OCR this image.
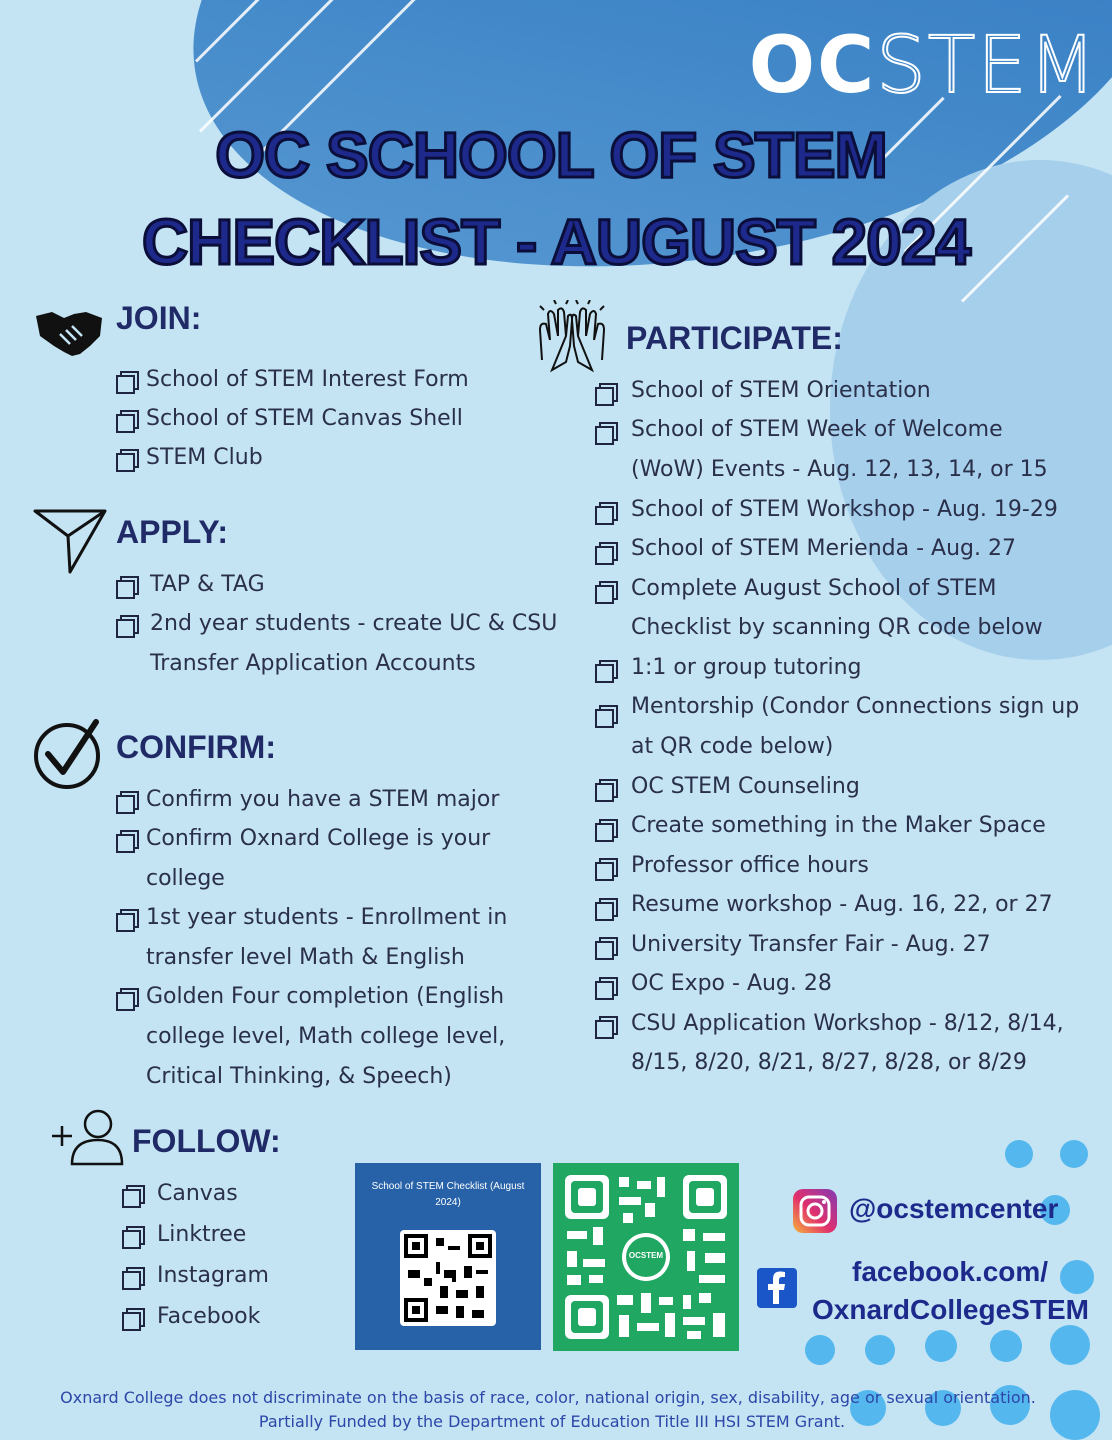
OCSTEM
OC SCHOOL OF STEM
CHECKLIST - AUGUST 2024
JOIN:
School of STEM Interest Form
School of STEM Canvas Shell
STEM Club
APPLY:
TAP & TAG
2nd year students - create UC & CSU
Transfer Application Accounts
CONFIRM:
Confirm you have a STEM major
Confirm Oxnard College is your
college
1st year students - Enrollment in
transfer level Math & English
Golden Four completion (English
college level, Math college level,
Critical Thinking, & Speech)
FOLLOW:
Canvas
Linktree
Instagram
Facebook
PARTICIPATE:
School of STEM Orientation
School of STEM Week of Welcome
(WoW) Events - Aug. 12, 13, 14, or 15
School of STEM Workshop - Aug. 19-29
School of STEM Merienda - Aug. 27
Complete August School of STEM
Checklist by scanning QR code below
1:1 or group tutoring
Mentorship (Condor Connections sign up
at QR code below)
OC STEM Counseling
Create something in the Maker Space
Professor office hours
Resume workshop - Aug. 16, 22, or 27
University Transfer Fair - Aug. 27
OC Expo - Aug. 28
CSU Application Workshop - 8/12, 8/14,
8/15, 8/20, 8/21, 8/27, 8/28, or 8/29
School of STEM Checklist (August 2024)
OCSTEM
@ocstemcenter
facebook.com/
OxnardCollegeSTEM
Oxnard College does not discriminate on the basis of race, color, national origin, sex, disability, age or sexual orientation.
Partially Funded by the Department of Education Title III HSI STEM Grant.
